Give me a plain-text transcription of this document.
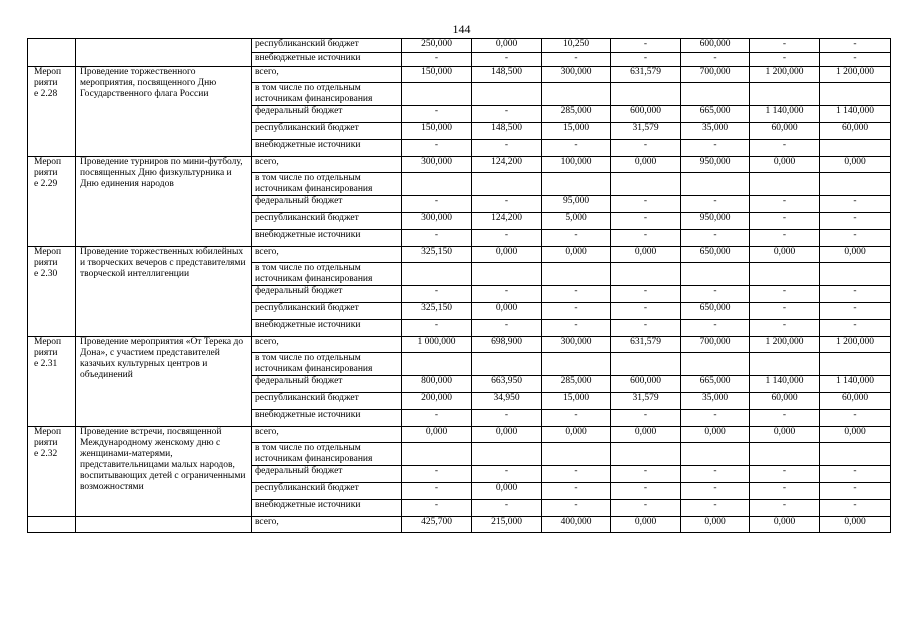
144
		республиканский бюджет	250,000	0,000	10,250	-	600,000	-	-
		внебюджетные источники	-	-	-	-	-	-	-
Мероп
рияти
е 2.28	Проведение торжественного мероприятия, посвященного Дню Государственного флага России	всего,	150,000	148,500	300,000	631,579	700,000	1 200,000	1 200,000
		в том числе по отдельным источникам финансирования							
		федеральный бюджет	-	-	285,000	600,000	665,000	1 140,000	1 140,000
		республиканский бюджет	150,000	148,500	15,000	31,579	35,000	60,000	60,000
		внебюджетные источники	-	-	-	-	-	-	
Мероп
рияти
е 2.29	Проведение турниров по мини-футболу, посвященных Дню физкультурника и Дню единения народов	всего,	300,000	124,200	100,000	0,000	950,000	0,000	0,000
		в том числе по отдельным источникам финансирования							
		федеральный бюджет	-	-	95,000	-	-	-	-
		республиканский бюджет	300,000	124,200	5,000	-	950,000	-	-
		внебюджетные источники	-	-	-	-	-	-	-
Мероп
рияти
е 2.30	Проведение торжественных юбилейных и творческих вечеров с представителями творческой интеллигенции	всего,	325,150	0,000	0,000	0,000	650,000	0,000	0,000
		в том числе по отдельным источникам финансирования							
		федеральный бюджет	-	-	-	-	-	-	-
		республиканский бюджет	325,150	0,000	-	-	650,000	-	-
		внебюджетные источники	-	-	-	-	-	-	-
Мероп
рияти
е 2.31	Проведение мероприятия «От Терека до Дона», с участием представителей казачьих культурных центров и объединений	всего,	1 000,000	698,900	300,000	631,579	700,000	1 200,000	1 200,000
		в том числе по отдельным источникам финансирования							
		федеральный бюджет	800,000	663,950	285,000	600,000	665,000	1 140,000	1 140,000
		республиканский бюджет	200,000	34,950	15,000	31,579	35,000	60,000	60,000
		внебюджетные источники	-	-	-	-	-	-	-
Мероп
рияти
е 2.32	Проведение встречи, посвященной Международному женскому дню с женщинами-матерями, представительницами малых народов, воспитывающих детей с ограниченными возможностями	всего,	0,000	0,000	0,000	0,000	0,000	0,000	0,000
		в том числе по отдельным источникам финансирования							
		федеральный бюджет	-	-	-	-	-	-	-
		республиканский бюджет	-	0,000	-	-	-	-	-
		внебюджетные источники	-	-	-	-	-	-	-
		всего,	425,700	215,000	400,000	0,000	0,000	0,000	0,000
